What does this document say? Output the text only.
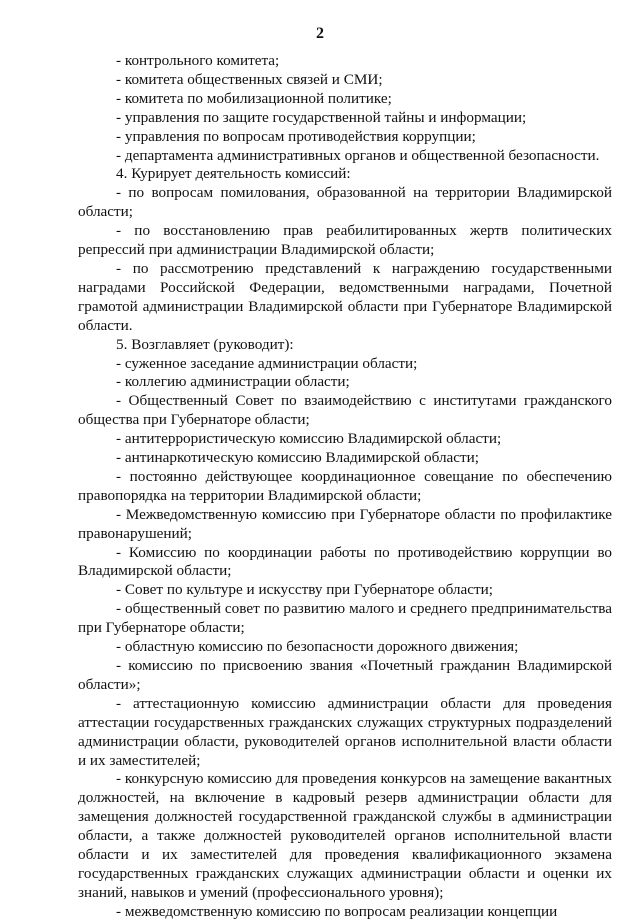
2

- контрольного комитета;

- комитета общественных связей и СМИ;

- комитета по мобилизационной политике;

- управления по защите государственной тайны и информации;

- управления по вопросам противодействия коррупции;

- департамента административных органов и общественной безопасности.

4. Курирует деятельность комиссий:

- по вопросам помилования, образованной на территории Владимирской области;

- по восстановлению прав реабилитированных жертв политических репрессий при администрации Владимирской области;

- по рассмотрению представлений к награждению государственными наградами Российской Федерации, ведомственными наградами, Почетной грамотой администрации Владимирской области при Губернаторе Владимирской области.

5. Возглавляет (руководит):

- суженное заседание администрации области;

- коллегию администрации области;

- Общественный Совет по взаимодействию с институтами гражданского общества при Губернаторе области;

- антитеррористическую комиссию Владимирской области;

- антинаркотическую комиссию Владимирской области;

- постоянно действующее координационное совещание по обеспечению правопорядка на территории Владимирской области;

- Межведомственную комиссию при Губернаторе области по профилактике правонарушений;

- Комиссию по координации работы по противодействию коррупции во Владимирской области;

- Совет по культуре и искусству при Губернаторе области;

- общественный совет по развитию малого и среднего предпринимательства при Губернаторе области;

- областную комиссию по безопасности дорожного движения;

- комиссию по присвоению звания «Почетный гражданин Владимирской области»;

- аттестационную комиссию администрации области для проведения аттестации государственных гражданских служащих структурных подразделений администрации области, руководителей органов исполнительной власти области и их заместителей;

- конкурсную комиссию для проведения конкурсов на замещение вакантных должностей, на включение в кадровый резерв администрации области для замещения должностей государственной гражданской службы в администрации области, а также должностей руководителей органов исполнительной власти области и их заместителей для проведения квалификационного экзамена государственных гражданских служащих администрации области и оценки их знаний, навыков и умений (профессионального уровня);

- межведомственную комиссию по вопросам реализации концепции
